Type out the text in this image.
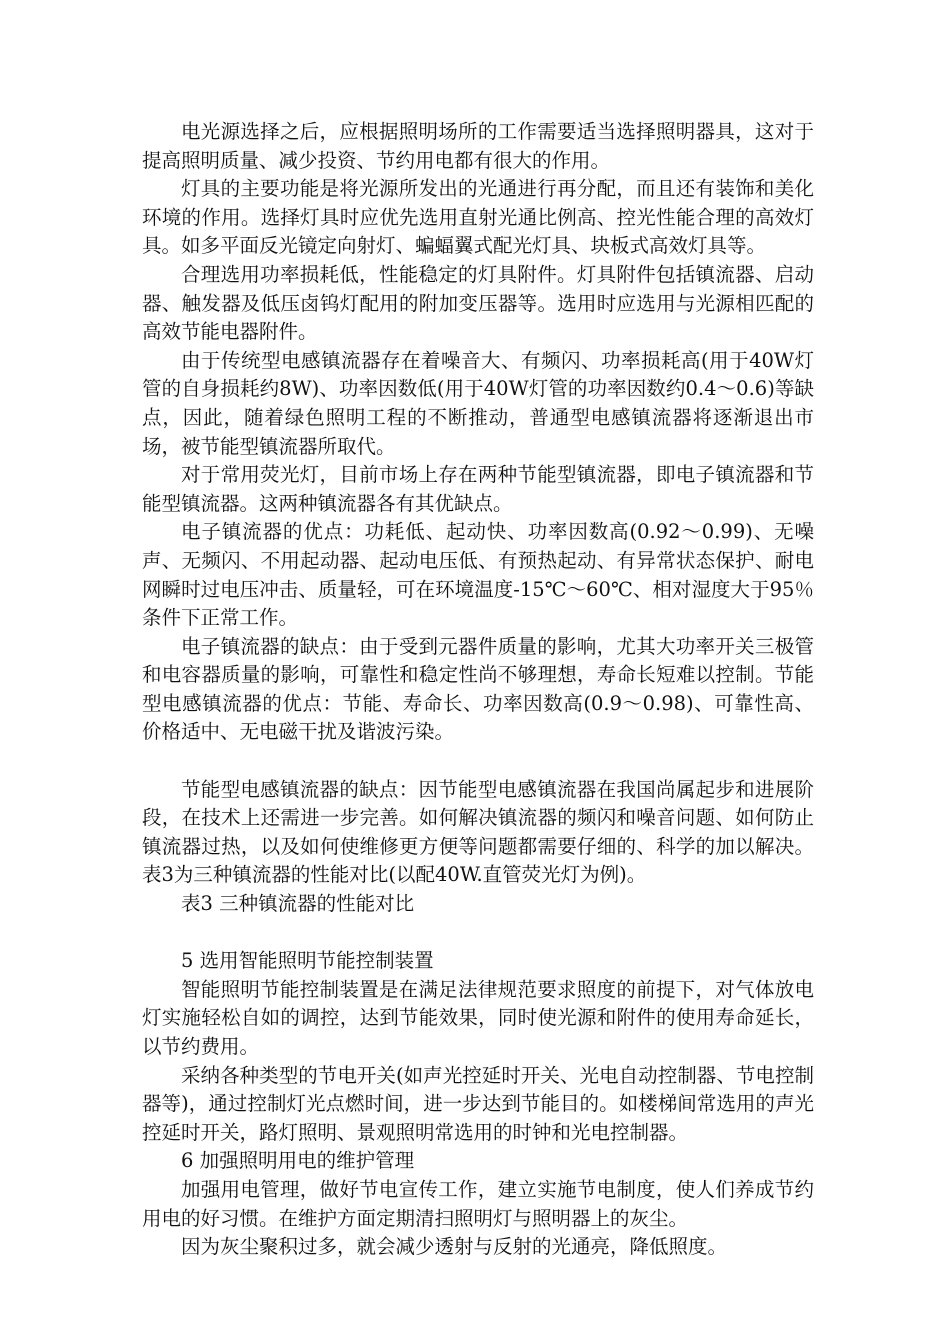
电光源选择之后，应根据照明场所的工作需要适当选择照明器具，这对于提高照明质量、减少投资、节约用电都有很大的作用。

灯具的主要功能是将光源所发出的光通进行再分配，而且还有装饰和美化环境的作用。选择灯具时应优先选用直射光通比例高、控光性能合理的高效灯具。如多平面反光镜定向射灯、蝙蝠翼式配光灯具、块板式高效灯具等。

合理选用功率损耗低，性能稳定的灯具附件。灯具附件包括镇流器、启动器、触发器及低压卤钨灯配用的附加变压器等。选用时应选用与光源相匹配的高效节能电器附件。

由于传统型电感镇流器存在着噪音大、有频闪、功率损耗高(用于40W灯管的自身损耗约8W)、功率因数低(用于40W灯管的功率因数约0.4～0.6)等缺点，因此，随着绿色照明工程的不断推动，普通型电感镇流器将逐渐退出市场，被节能型镇流器所取代。

对于常用荧光灯，目前市场上存在两种节能型镇流器，即电子镇流器和节能型镇流器。这两种镇流器各有其优缺点。

电子镇流器的优点：功耗低、起动快、功率因数高(0.92～0.99)、无噪声、无频闪、不用起动器、起动电压低、有预热起动、有异常状态保护、耐电网瞬时过电压冲击、质量轻，可在环境温度-15℃～60℃、相对湿度大于95％条件下正常工作。

电子镇流器的缺点：由于受到元器件质量的影响，尤其大功率开关三极管和电容器质量的影响，可靠性和稳定性尚不够理想，寿命长短难以控制。节能型电感镇流器的优点：节能、寿命长、功率因数高(0.9～0.98)、可靠性高、价格适中、无电磁干扰及谐波污染。

节能型电感镇流器的缺点：因节能型电感镇流器在我国尚属起步和进展阶段，在技术上还需进一步完善。如何解决镇流器的频闪和噪音问题、如何防止镇流器过热，以及如何使维修更方便等问题都需要仔细的、科学的加以解决。表3为三种镇流器的性能对比(以配40W.直管荧光灯为例)。

表3 三种镇流器的性能对比

5 选用智能照明节能控制装置

智能照明节能控制装置是在满足法律规范要求照度的前提下，对气体放电灯实施轻松自如的调控，达到节能效果，同时使光源和附件的使用寿命延长，以节约费用。

采纳各种类型的节电开关(如声光控延时开关、光电自动控制器、节电控制器等)，通过控制灯光点燃时间，进一步达到节能目的。如楼梯间常选用的声光控延时开关，路灯照明、景观照明常选用的时钟和光电控制器。

6 加强照明用电的维护管理

加强用电管理，做好节电宣传工作，建立实施节电制度，使人们养成节约用电的好习惯。在维护方面定期清扫照明灯与照明器上的灰尘。

因为灰尘聚积过多，就会减少透射与反射的光通亮，降低照度。
